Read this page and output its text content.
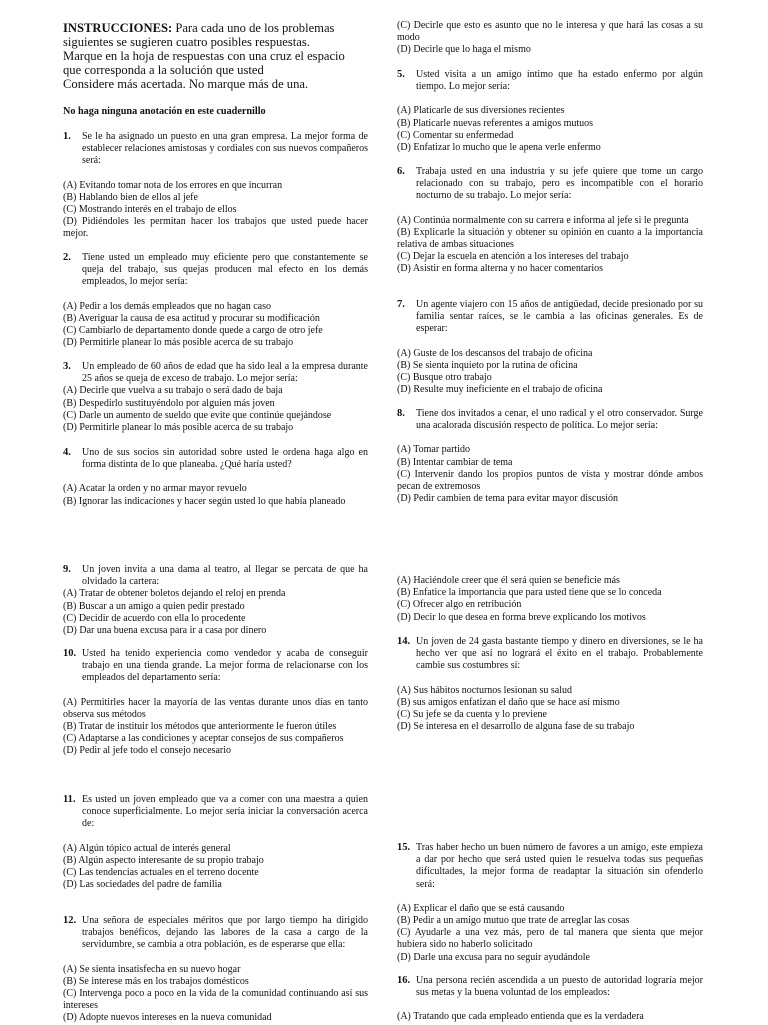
INSTRUCCIONES: Para cada uno de los problemas
siguientes se sugieren cuatro posibles respuestas.
Marque en la hoja de respuestas con una cruz el espacio
que corresponda a la solución que usted
Considere más acertada. No marque más de una.
No haga ninguna anotación en este cuadernillo
1.	Se le ha asignado un puesto en una gran empresa. La mejor forma de establecer relaciones amistosas y cordiales con sus nuevos compañeros será:

(A) Evitando tomar nota de los errores en que incurran

(B) Hablando bien de ellos al jefe

(C) Mostrando interés en el trabajo de ellos

(D) Pidiéndoles les permitan hacer los trabajos que usted puede hacer mejor.

2.	Tiene usted un empleado muy eficiente pero que constantemente se queja del trabajo, sus quejas producen mal efecto en los demás empleados, lo mejor sería:

(A) Pedir a los demás empleados que no hagan caso

(B) Averiguar la causa de esa actitud y procurar su modificación

(C) Cambiarlo de departamento donde quede a cargo de otro jefe

(D) Permitirle planear lo más posible acerca de su trabajo

3.	Un empleado de 60 años de edad que ha sido leal a la empresa durante 25 años se queja de exceso de trabajo. Lo mejor sería:

(A) Decirle que vuelva a su trabajo o será dado de baja

(B) Despedirlo sustituyéndolo por alguien más joven

(C) Darle un aumento de sueldo que evite que continúe quejándose

(D) Permitirle planear lo más posible acerca de su trabajo

4.	Uno de sus socios sin autoridad sobre usted le ordena haga algo en forma distinta de lo que planeaba. ¿Qué haría usted?

(A) Acatar la orden y no armar mayor revuelo

(B) Ignorar las indicaciones y hacer según usted lo que había planeado

9.	Un joven invita a una dama al teatro, al llegar se percata de que ha olvidado la cartera:

(A) Tratar de obtener boletos dejando el reloj en prenda

(B) Buscar a un amigo a quien pedir prestado

(C) Decidir de acuerdo con ella lo procedente

(D) Dar una buena excusa para ir a casa por dinero

10. Usted ha tenido experiencia como vendedor y acaba de conseguir trabajo en una tienda grande. La mejor forma de relacionarse con los empleados del departamento sería:

(A) Permitirles hacer la mayoría de las ventas durante unos días en tanto observa sus métodos

(B) Tratar de instituir los métodos que anteriormente le fueron útiles

(C) Adaptarse a las condiciones y aceptar consejos de sus compañeros

(D) Pedir al jefe todo el consejo necesario

11. Es usted un joven empleado que va a comer con una maestra a quien conoce superficialmente. Lo mejor sería iniciar la conversación acerca de:

(A) Algún tópico actual de interés general

(B) Algún aspecto interesante de su propio trabajo

(C) Las tendencias actuales en el terreno docente

(D) Las sociedades del padre de familia

12. Una señora de especiales méritos que por largo tiempo ha dirigido trabajos benéficos, dejando las labores de la casa a cargo de la servidumbre, se cambia a otra población, es de esperarse que ella:

(A) Se sienta insatisfecha en su nuevo hogar

(B) Se interese más en los trabajos domésticos

(C) Intervenga poco a poco en la vida de la comunidad continuando así sus intereses

(D) Adopte nuevos intereses en la nueva comunidad

(C) Decirle que esto es asunto que no le interesa y que hará las cosas a su modo

(D) Decirle que lo haga el mismo

5.	Usted visita a un amigo íntimo que ha estado enfermo por algún tiempo. Lo mejor sería:

(A) Platicarle de sus diversiones recientes

(B) Platicarle nuevas referentes a amigos mutuos

(C) Comentar su enfermedad

(D) Enfatizar lo mucho que le apena verle enfermo

6.	Trabaja usted en una industria y su jefe quiere que tome un cargo relacionado con su trabajo, pero es incompatible con el horario nocturno de su trabajo. Lo mejor sería:

(A) Continúa normalmente con su carrera e informa al jefe si le pregunta

(B) Explicarle la situación y obtener su opinión en cuanto a la importancia relativa de ambas situaciones

(C) Dejar la escuela en atención a los intereses del trabajo

(D) Asistir en forma alterna y no hacer comentarios

7.	Un agente viajero con 15 años de antigüedad, decide presionado por su familia sentar raíces, se le cambia a las oficinas generales. Es de esperar:

(A) Guste de los descansos del trabajo de oficina

(B) Se sienta inquieto por la rutina de oficina

(C) Busque otro trabajo

(D) Resulte muy ineficiente en el trabajo de oficina

8.	Tiene dos invitados a cenar, el uno radical y el otro conservador. Surge una acalorada discusión respecto de política. Lo mejor sería:

(A) Tomar partido

(B) Intentar cambiar de tema

(C) Intervenir dando los propios puntos de vista y mostrar dónde ambos pecan de extremosos

(D) Pedir cambien de tema para evitar mayor discusión

(A) Haciéndole creer que él será quien se beneficie más

(B) Enfatice la importancia que para usted tiene que se lo conceda

(C) Ofrecer algo en retribución

(D) Decir lo que desea en forma breve explicando los motivos

14. Un joven de 24 gasta bastante tiempo y dinero en diversiones, se le ha hecho ver que así no logrará el éxito en el trabajo. Probablemente cambie sus costumbres sí:

(A) Sus hábitos nocturnos lesionan su salud

(B) sus amigos enfatizan el daño que se hace así mismo

(C) Su jefe se da cuenta y lo previene

(D) Se interesa en el desarrollo de alguna fase de su trabajo

15. Tras haber hecho un buen número de favores a un amigo, este empieza a dar por hecho que será usted quien le resuelva todas sus pequeñas dificultades, la mejor forma de readaptar la situación sin ofenderlo será:

(A) Explicar el daño que se está causando

(B) Pedir a un amigo mutuo que trate de arreglar las cosas

(C) Ayudarle a una vez más, pero de tal manera que sienta que mejor hubiera sido no haberlo solicitado

(D) Darle una excusa para no seguir ayudándole

16. Una persona recién ascendida a un puesto de autoridad lograría mejor sus metas y la buena voluntad de los empleados:

(A) Tratando que cada empleado entienda que es la verdadera
